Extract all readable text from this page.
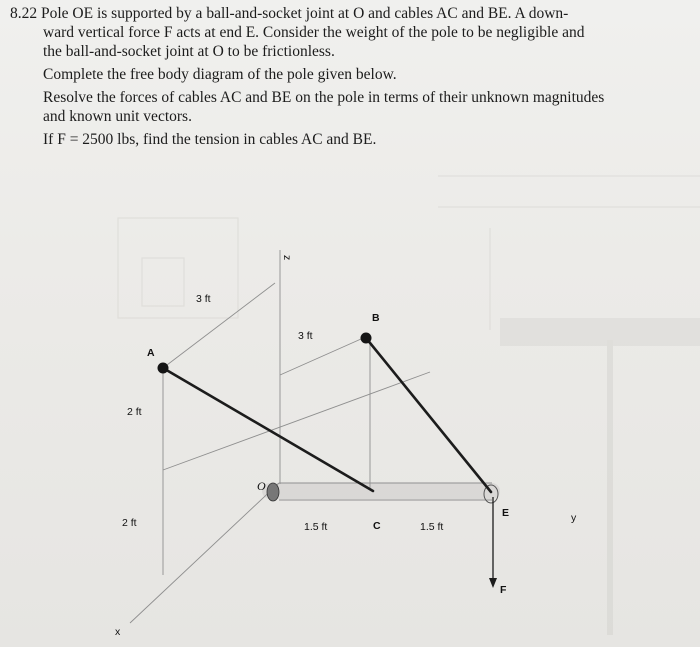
8.22 Pole OE is supported by a ball-and-socket joint at O and cables AC and BE. A down-
ward vertical force F acts at end E. Consider the weight of the pole to be negligible and
the ball-and-socket joint at O to be frictionless.
Complete the free body diagram of the pole given below.
Resolve the forces of cables AC and BE on the pole in terms of their unknown magnitudes
and known unit vectors.
If F = 2500 lbs, find the tension in cables AC and BE.
z
3 ft
3 ft
B
A
2 ft
O
E	y
2 ft	1.5 ft	C	1.5 ft
F
x
